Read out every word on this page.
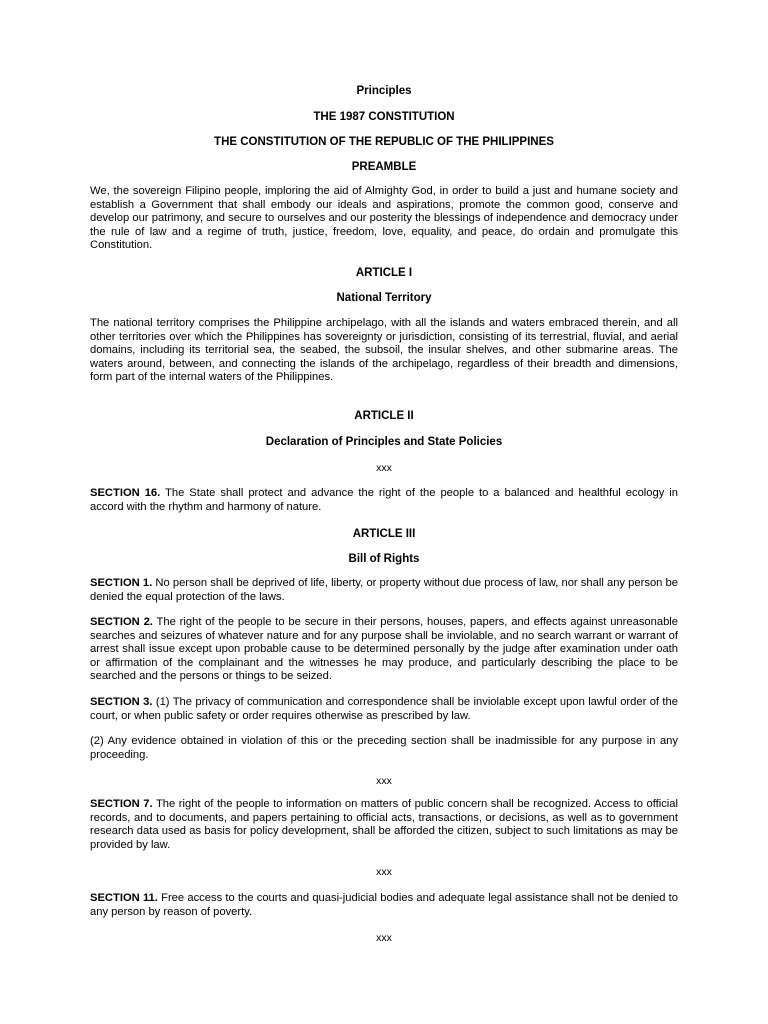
Principles
THE 1987 CONSTITUTION
THE CONSTITUTION OF THE REPUBLIC OF THE PHILIPPINES
PREAMBLE

We, the sovereign Filipino people, imploring the aid of Almighty God, in order to build a just and humane society and establish a Government that shall embody our ideals and aspirations, promote the common good, conserve and develop our patrimony, and secure to ourselves and our posterity the blessings of independence and democracy under the rule of law and a regime of truth, justice, freedom, love, equality, and peace, do ordain and promulgate this Constitution.

ARTICLE I
National Territory

The national territory comprises the Philippine archipelago, with all the islands and waters embraced therein, and all other territories over which the Philippines has sovereignty or jurisdiction, consisting of its terrestrial, fluvial, and aerial domains, including its territorial sea, the seabed, the subsoil, the insular shelves, and other submarine areas. The waters around, between, and connecting the islands of the archipelago, regardless of their breadth and dimensions, form part of the internal waters of the Philippines.

ARTICLE II
Declaration of Principles and State Policies
xxx

SECTION 16. The State shall protect and advance the right of the people to a balanced and healthful ecology in accord with the rhythm and harmony of nature.

ARTICLE III
Bill of Rights

SECTION 1. No person shall be deprived of life, liberty, or property without due process of law, nor shall any person be denied the equal protection of the laws.

SECTION 2. The right of the people to be secure in their persons, houses, papers, and effects against unreasonable searches and seizures of whatever nature and for any purpose shall be inviolable, and no search warrant or warrant of arrest shall issue except upon probable cause to be determined personally by the judge after examination under oath or affirmation of the complainant and the witnesses he may produce, and particularly describing the place to be searched and the persons or things to be seized.

SECTION 3. (1) The privacy of communication and correspondence shall be inviolable except upon lawful order of the court, or when public safety or order requires otherwise as prescribed by law.

(2) Any evidence obtained in violation of this or the preceding section shall be inadmissible for any purpose in any proceeding.

xxx

SECTION 7. The right of the people to information on matters of public concern shall be recognized. Access to official records, and to documents, and papers pertaining to official acts, transactions, or decisions, as well as to government research data used as basis for policy development, shall be afforded the citizen, subject to such limitations as may be provided by law.

xxx

SECTION 11. Free access to the courts and quasi-judicial bodies and adequate legal assistance shall not be denied to any person by reason of poverty.

xxx
